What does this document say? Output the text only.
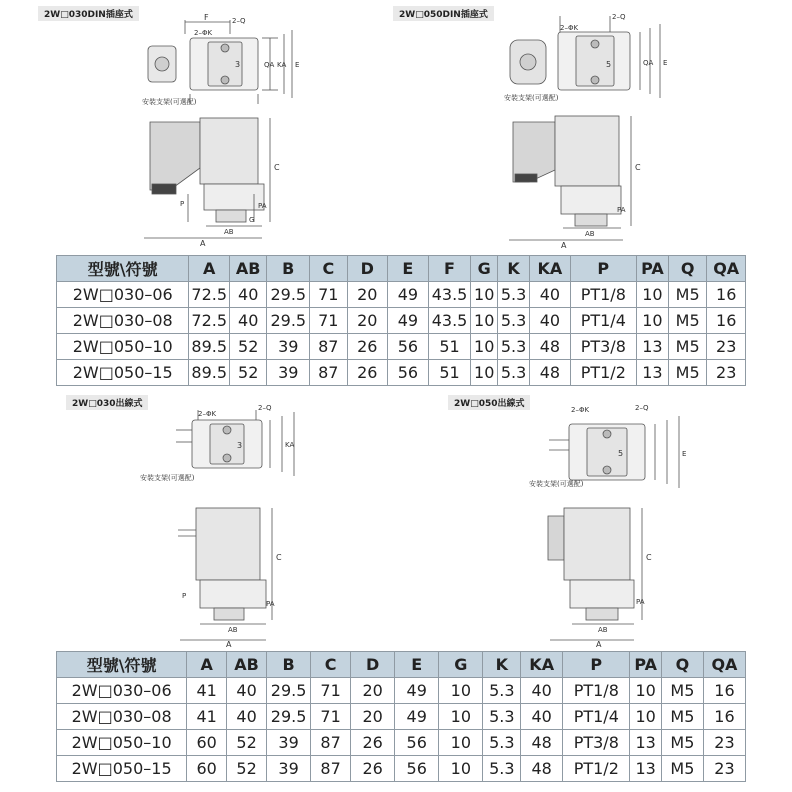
2W□030DIN插座式	2W□050DIN插座式
2W□030出線式	2W□050出線式
F	2–Q
2–ΦK
3	QA KA E
安裝支架(可選配)
C
A
AB
P	PA
G
2–ΦK
2–Q
5	QA E
安裝支架(可選配)
C
A
AB
PA
型號\符號	A	AB	B	C	D	E	F	G	K	KA	P	PA	Q	QA
2W□030–06	72.5	40	29.5	71	20	49	43.5	10	5.3	40	PT1/8	10	M5	16
2W□030–08	72.5	40	29.5	71	20	49	43.5	10	5.3	40	PT1/4	10	M5	16
2W□050–10	89.5	52	39	87	26	56	51	10	5.3	48	PT3/8	13	M5	23
2W□050–15	89.5	52	39	87	26	56	51	10	5.3	48	PT1/2	13	M5	23
2–ΦK
2–Q
3	KA
安裝支架(可選配)
C
A
AB
P
PA
2–ΦK	2–Q
5	E
安裝支架(可選配)
C
A
AB
PA
型號\符號	A	AB	B	C	D	E	G	K	KA	P	PA	Q	QA
2W□030–06	41	40	29.5	71	20	49	10	5.3	40	PT1/8	10	M5	16
2W□030–08	41	40	29.5	71	20	49	10	5.3	40	PT1/4	10	M5	16
2W□050–10	60	52	39	87	26	56	10	5.3	48	PT3/8	13	M5	23
2W□050–15	60	52	39	87	26	56	10	5.3	48	PT1/2	13	M5	23
